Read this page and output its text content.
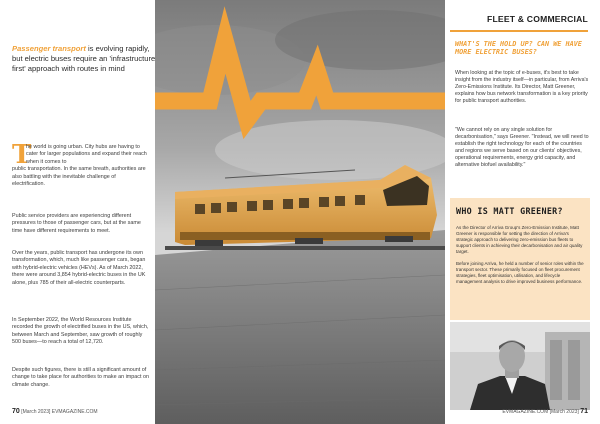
Passenger transport is evolving rapidly, but electric buses require an 'infrastructure first' approach with routes in mind
T
he world is going urban. City hubs are having to cater for larger populations and expand their reach when it comes to
public transportation. In the same breath, authorities are also battling with the inevitable challenge of electrification.
Public service providers are experiencing different pressures to those of passenger cars, but at the same time have different requirements to meet.
Over the years, public transport has undergone its own transformation, which, much like passenger cars, began with hybrid-electric vehicles (HEVs). As of March 2022, there were around 3,854 hybrid-electric buses in the UK alone, plus 785 of their all-electric counterparts.
In September 2022, the World Resources Institute recorded the growth of electrified buses in the US, which, between March and September, saw growth of roughly 500 buses—to reach a total of 12,720.
Despite such figures, there is still a significant amount of change to take place for authorities to make an impact on climate change.
70 [March 2023] EVMAGAZINE.COM
FLEET & COMMERCIAL
WHAT'S THE HOLD UP? CAN WE HAVE MORE ELECTRIC BUSES?
When looking at the topic of e-buses, it's best to take insight from the industry itself—in particular, from Arriva's Zero-Emissions Institute. Its Director, Matt Greener, explains how bus network transformation is a key priority for public transport authorities.
"We cannot rely on any single solution for decarbonisation," says Greener. "Instead, we will need to establish the right technology for each of the countries and regions we serve based on our clients' objectives, operational requirements, energy grid capacity, and alternative biofuel availability."
WHO IS MATT GREENER?
As the Director of Arriva Group's Zero-Emission Institute, Matt Greener is responsible for setting the direction of Arriva's strategic approach to delivering zero-emission bus fleets to support clients in achieving their decarbonisation and air quality target.
Before joining Arriva, he held a number of senior roles within the transport sector. These primarily focused on fleet procurement strategies, fleet optimisation, utilisation, and lifecycle management analysis to drive improved business performance.
EVMAGAZINE.COM [March 2023] 71
